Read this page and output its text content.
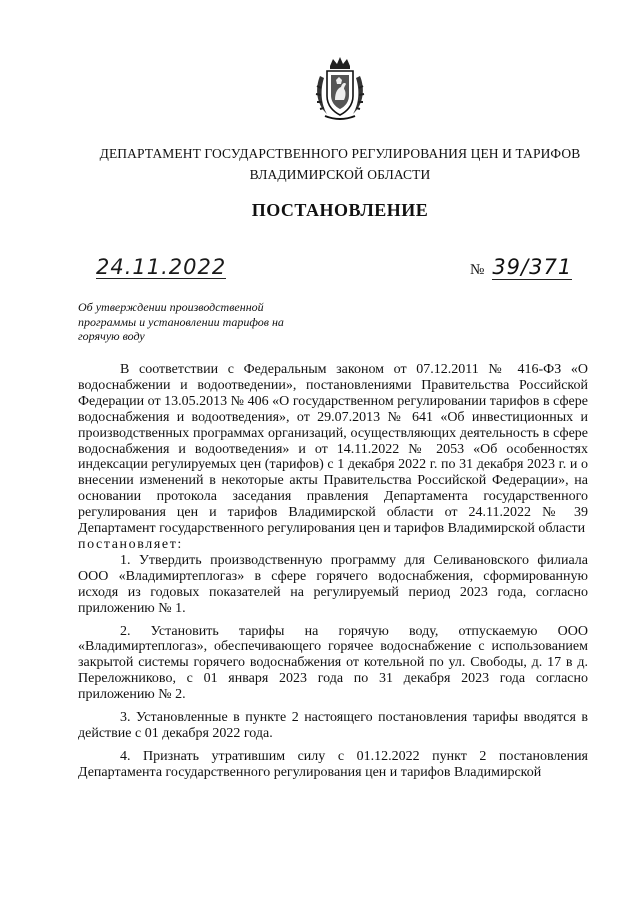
ДЕПАРТАМЕНТ ГОСУДАРСТВЕННОГО РЕГУЛИРОВАНИЯ ЦЕН И ТАРИФОВ
ВЛАДИМИРСКОЙ ОБЛАСТИ
ПОСТАНОВЛЕНИЕ
24.11.2022	№ 39/371
Об утверждении производственной программы и установлении тарифов на горячую воду

В соответствии с Федеральным законом от 07.12.2011 № 416-ФЗ «О водоснабжении и водоотведении», постановлениями Правительства Российской Федерации от 13.05.2013 № 406 «О государственном регулировании тарифов в сфере водоснабжения и водоотведения», от 29.07.2013 № 641 «Об инвестиционных и производственных программах организаций, осуществляющих деятельность в сфере водоснабжения и водоотведения» и от 14.11.2022 № 2053 «Об особенностях индексации регулируемых цен (тарифов) с 1 декабря 2022 г. по 31 декабря 2023 г. и о внесении изменений в некоторые акты Правительства Российской Федерации», на основании протокола заседания правления Департамента государственного регулирования цен и тарифов Владимирской области от 24.11.2022 № 39 Департамент государственного регулирования цен и тарифов Владимирской области

постановляет:

1. Утвердить производственную программу для Селивановского филиала ООО «Владимиртеплогаз» в сфере горячего водоснабжения, сформированную исходя из годовых показателей на регулируемый период 2023 года, согласно приложению № 1.

2. Установить тарифы на горячую воду, отпускаемую ООО «Владимиртеплогаз», обеспечивающего горячее водоснабжение с использованием закрытой системы горячего водоснабжения от котельной по ул. Свободы, д. 17 в д. Переложниково, с 01 января 2023 года по 31 декабря 2023 года согласно приложению № 2.

3. Установленные в пункте 2 настоящего постановления тарифы вводятся в действие с 01 декабря 2022 года.

4. Признать утратившим силу с 01.12.2022 пункт 2 постановления Департамента государственного регулирования цен и тарифов Владимирской
